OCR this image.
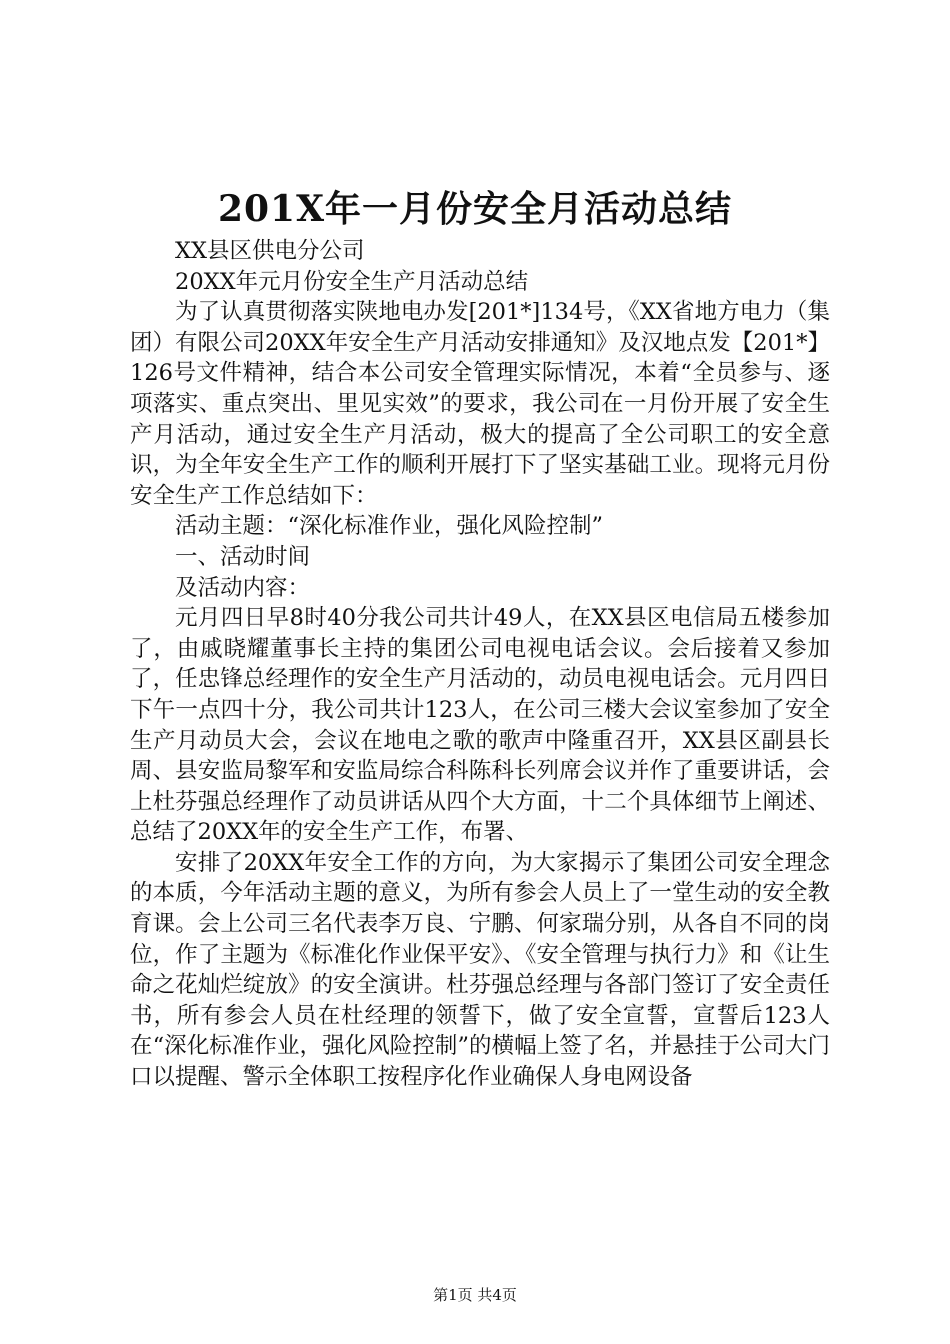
201X年一月份安全月活动总结

XX县区供电分公司

20XX年元月份安全生产月活动总结

为了认真贯彻落实陕地电办发[201*]134号，《XX省地方电力（集团）有限公司20XX年安全生产月活动安排通知》及汉地点发【201*】126号文件精神，结合本公司安全管理实际情况，本着“全员参与、逐项落实、重点突出、里见实效”的要求，我公司在一月份开展了安全生产月活动，通过安全生产月活动，极大的提高了全公司职工的安全意识，为全年安全生产工作的顺利开展打下了坚实基础工业。现将元月份安全生产工作总结如下：

活动主题：“深化标准作业，强化风险控制”

一、活动时间

及活动内容：

元月四日早8时40分我公司共计49人，在XX县区电信局五楼参加了，由戚晓耀董事长主持的集团公司电视电话会议。会后接着又参加了，任忠锋总经理作的安全生产月活动的，动员电视电话会。元月四日下午一点四十分，我公司共计123人，在公司三楼大会议室参加了安全生产月动员大会，会议在地电之歌的歌声中隆重召开，XX县区副县长周、县安监局黎军和安监局综合科陈科长列席会议并作了重要讲话，会上杜芬强总经理作了动员讲话从四个大方面，十二个具体细节上阐述、总结了20XX年的安全生产工作，布署、

安排了20XX年安全工作的方向，为大家揭示了集团公司安全理念的本质，今年活动主题的意义，为所有参会人员上了一堂生动的安全教育课。会上公司三名代表李万良、宁鹏、何家瑞分别，从各自不同的岗位，作了主题为《标准化作业保平安》、《安全管理与执行力》和《让生命之花灿烂绽放》的安全演讲。杜芬强总经理与各部门签订了安全责任书，所有参会人员在杜经理的领誓下，做了安全宣誓，宣誓后123人在“深化标准作业，强化风险控制”的横幅上签了名，并悬挂于公司大门口以提醒、警示全体职工按程序化作业确保人身电网设备

第1页 共4页
